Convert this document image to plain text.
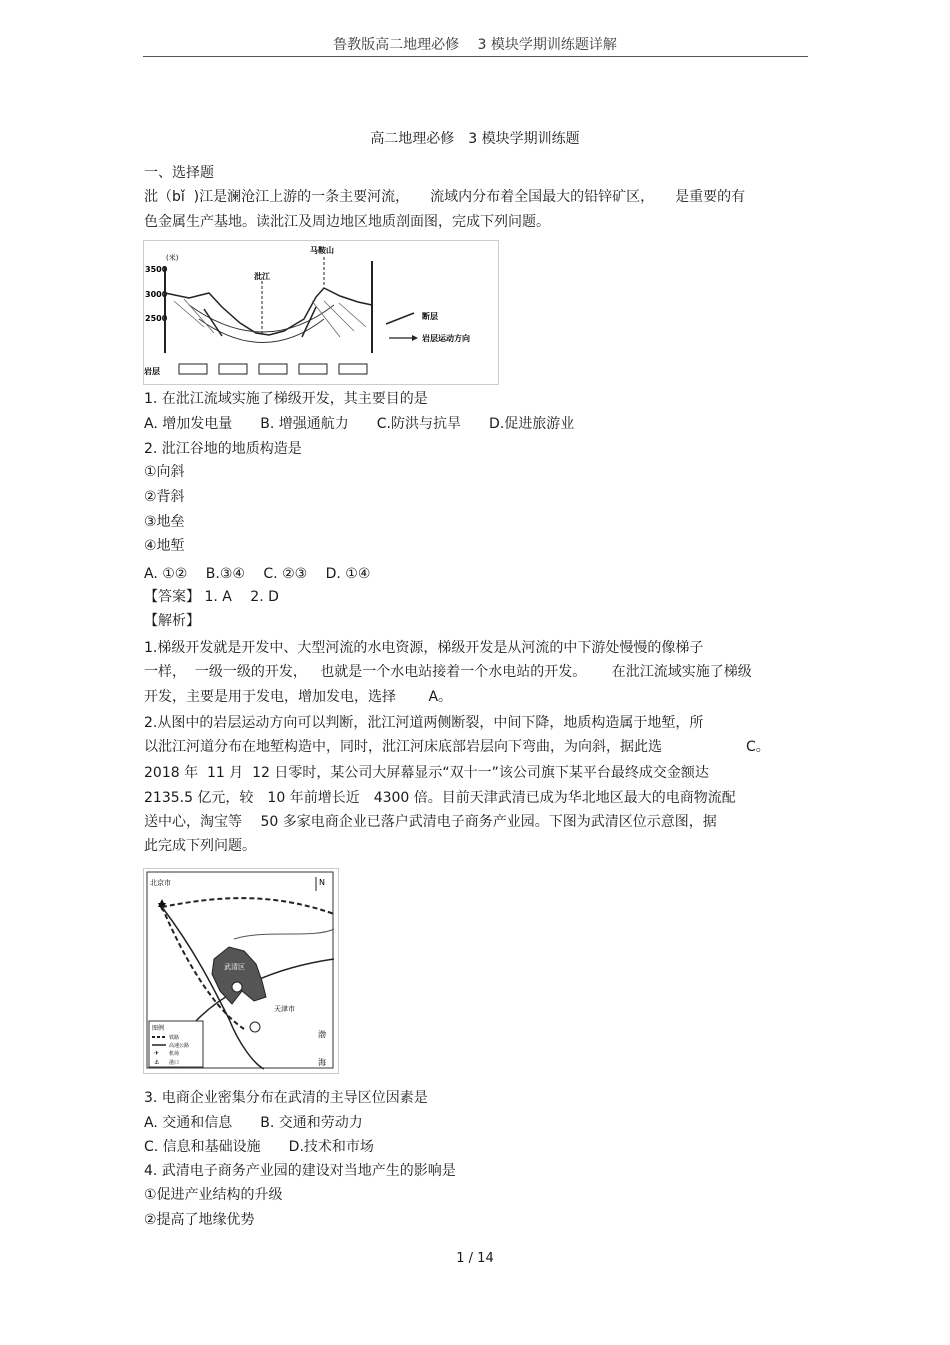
鲁教版高二地理必修　 3 模块学期训练题详解
高二地理必修　3 模块学期训练题
一、选择题
沘（bǐ  )江是澜沧江上游的一条主要河流，　　流域内分布着全国最大的铅锌矿区，　　是重要的有
色金属生产基地。读沘江及周边地区地质剖面图，完成下列问题。
(米)
3500
3000
2500
沘江
马鞍山
断层
岩层运动方向
岩层
1. 在沘江流域实施了梯级开发，其主要目的是
A. 增加发电量　　B. 增强通航力　　C.防洪与抗旱　　D.促进旅游业
2. 沘江谷地的地质构造是
①向斜
②背斜
③地垒
④地堑
A. ①②　 B.③④　 C. ②③　 D. ①④
【答案】 1. A　 2. D
【解析】
1.梯级开发就是开发中、大型河流的水电资源，梯级开发是从河流的中下游处慢慢的像梯子
一样，  一级一级的开发，   也就是一个水电站接着一个水电站的开发。　　 在沘江流域实施了梯级
开发，主要是用于发电，增加发电，选择　　 A。
2.从图中的岩层运动方向可以判断，沘江河道两侧断裂，中间下降，地质构造属于地堑，所
以沘江河道分布在地堑构造中，同时，沘江河床底部岩层向下弯曲，为向斜，据此选　　　　　　C。
2018 年  11 月  12 日零时，某公司大屏幕显示“双十一”该公司旗下某平台最终成交金额达
2135.5 亿元，较　10 年前增长近　4300 倍。目前天津武清已成为华北地区最大的电商物流配
送中心，淘宝等　 50 多家电商企业已落户武清电子商务产业园。下图为武清区位示意图，据
此完成下列问题。
北京市	N
武清区
天津市
渤
海
图例
铁路
高速公路
✈ 机场
⚓ 港口
3. 电商企业密集分布在武清的主导区位因素是
A. 交通和信息　　B. 交通和劳动力
C. 信息和基础设施　　D.技术和市场
4. 武清电子商务产业园的建设对当地产生的影响是
①促进产业结构的升级
②提高了地缘优势
1 / 14
